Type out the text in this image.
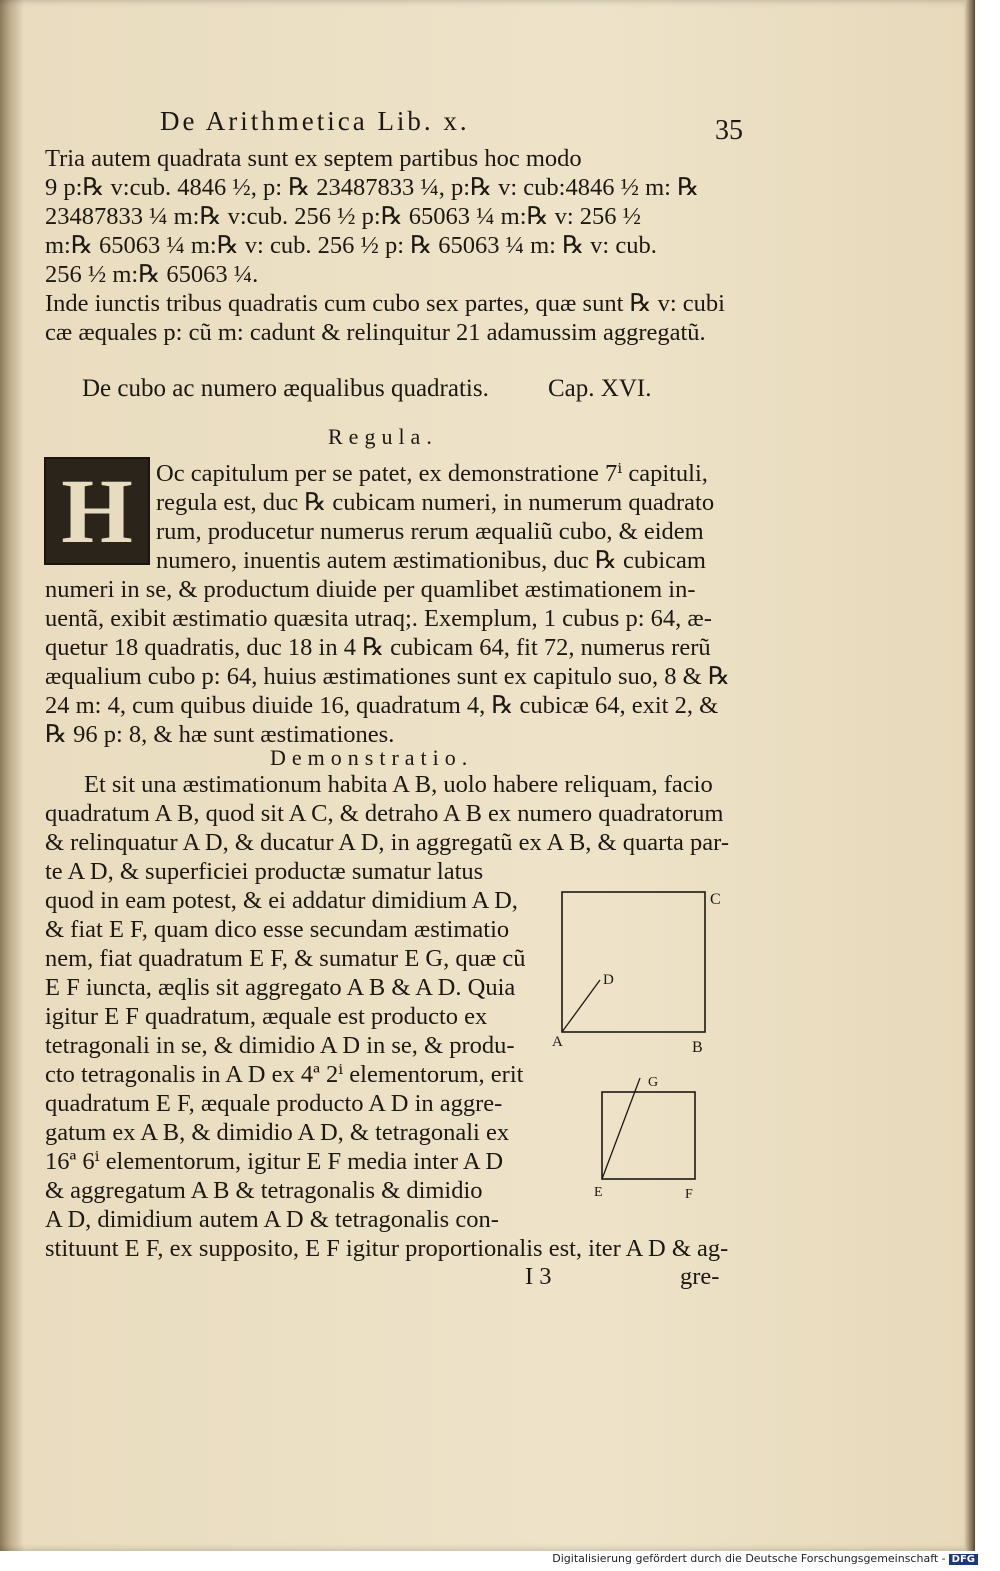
De Arithmetica Lib. x.	35
Tria autem quadrata sunt ex septem partibus hoc modo
9 p:℞ v:cub. 4846 ½, p: ℞ 23487833 ¼, p:℞ v: cub:4846 ½ m: ℞
23487833 ¼ m:℞ v:cub. 256 ½ p:℞ 65063 ¼ m:℞ v: 256 ½
m:℞ 65063 ¼ m:℞ v: cub. 256 ½ p: ℞ 65063 ¼ m: ℞ v: cub.
256 ½ m:℞ 65063 ¼.
Inde iunctis tribus quadratis cum cubo sex partes, quæ sunt ℞ v: cubi
cæ æquales p: cũ m: cadunt & relinquitur 21 adamussim aggregatũ.
De cubo ac numero æqualibus quadratis. Cap. XVI.
Regula.
H Oc capitulum per se patet, ex demonstratione 7ⁱ capituli,
regula est, duc ℞ cubicam numeri, in numerum quadrato
rum, producetur numerus rerum æqualiũ cubo, & eidem
numero, inuentis autem æstimationibus, duc ℞ cubicam
numeri in se, & productum diuide per quamlibet æstimationem in-
uentã, exibit æstimatio quæsita utraq;. Exemplum, 1 cubus p: 64, æ-
quetur 18 quadratis, duc 18 in 4 ℞ cubicam 64, fit 72, numerus rerũ
æqualium cubo p: 64, huius æstimationes sunt ex capitulo suo, 8 & ℞
24 m: 4, cum quibus diuide 16, quadratum 4, ℞ cubicæ 64, exit 2, &
℞ 96 p: 8, & hæ sunt æstimationes.
Demonstratio.
Et sit una æstimationum habita A B, uolo habere reliquam, facio
quadratum A B, quod sit A C, & detraho A B ex numero quadratorum
& relinquatur A D, & ducatur A D, in aggregatũ ex A B, & quarta par-
te A D, & superficiei productæ sumatur latus
quod in eam potest, & ei addatur dimidium A D,
& fiat E F, quam dico esse secundam æstimatio
nem, fiat quadratum E F, & sumatur E G, quæ cũ
E F iuncta, æqlis sit aggregato A B & A D. Quia
igitur E F quadratum, æquale est producto ex
tetragonali in se, & dimidio A D in se, & produ-
cto tetragonalis in A D ex 4ª 2ⁱ elementorum, erit
quadratum E F, æquale producto A D in aggre-
gatum ex A B, & dimidio A D, & tetragonali ex
16ª 6ⁱ elementorum, igitur E F media inter A D
& aggregatum A B & tetragonalis & dimidio
A D, dimidium autem A D & tetragonalis con-
stituunt E F, ex supposito, E F igitur proportionalis est, iter A D & ag-
I 3	gre-
C
D
A	B
G
E	F
Digitalisierung gefördert durch die Deutsche Forschungsgemeinschaft - DFG
